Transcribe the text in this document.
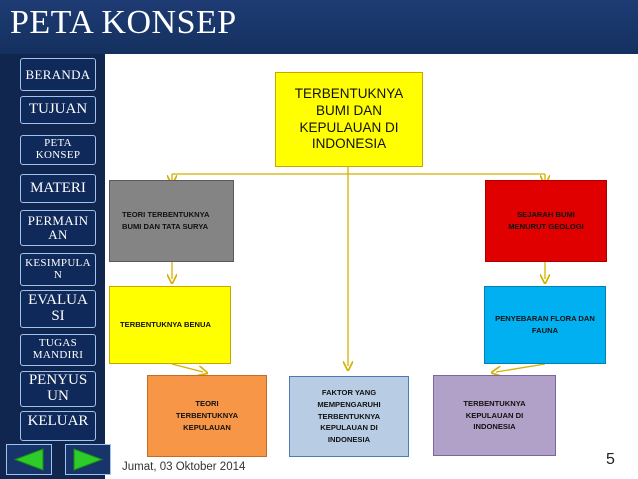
PETA KONSEP
BERANDA
TUJUAN
PETA KONSEP
MATERI
PERMAINAN
KESIMPULAN
EVALUASI
TUGAS MANDIRI
PENYUSUN
KELUAR
TERBENTUKNYA BUMI DAN KEPULAUAN DI INDONESIA
TEORI TERBENTUKNYA BUMI DAN TATA SURYA
SEJARAH BUMI MENURUT GEOLOGI
TERBENTUKNYA BENUA
PENYEBARAN FLORA DAN FAUNA
TEORI TERBENTUKNYA KEPULAUAN
FAKTOR YANG MEMPENGARUHI TERBENTUKNYA KEPULAUAN DI INDONESIA
TERBENTUKNYA KEPULAUAN DI INDONESIA
Jumat, 03 Oktober 2014	5
